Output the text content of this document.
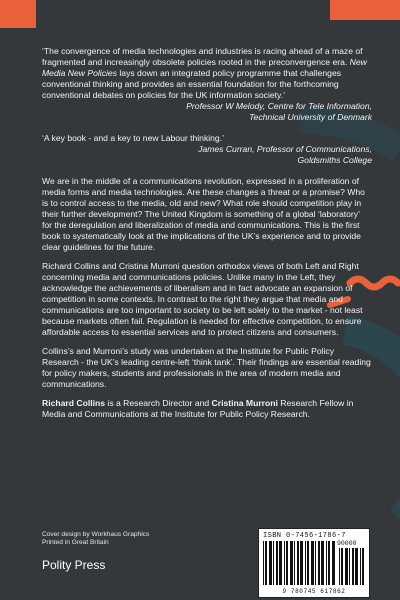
‘The convergence of media technologies and industries is racing ahead of a maze of fragmented and increasingly obsolete policies rooted in the preconvergence era. New Media New Policies lays down an integrated policy programme that challenges conventional thinking and provides an essential foundation for the forthcoming conventional debates on policies for the UK information society.’

Professor W Melody, Centre for Tele Information,

Technical University of Denmark

‘A key book - and a key to new Labour thinking.’

James Curran, Professor of Communications,

Goldsmiths College

We are in the middle of a communications revolution, expressed in a proliferation of media forms and media technologies. Are these changes a threat or a promise? Who is to control access to the media, old and new? What role should competition play in their further development? The United Kingdom is something of a global ‘laboratory’ for the deregulation and liberalization of media and communications. This is the first book to systematically look at the implications of the UK’s experience and to provide clear guidelines for the future.

Richard Collins and Cristina Murroni question orthodox views of both Left and Right concerning media and communications policies. Unlike many in the Left, they acknowledge the achievements of liberalism and in fact advocate an expansion of competition in some contexts. In contrast to the right they argue that media and communications are too important to society to be left solely to the market - not least because markets often fail. Regulation is needed for effective competition, to ensure affordable access to essential services and to protect citizens and consumers.

Collins’s and Murroni’s study was undertaken at the Institute for Public Policy Research - the UK’s leading centre-left ‘think tank’. Their findings are essential reading for policy makers, students and professionals in the area of modern media and communications.

Richard Collins is a Research Director and Cristina Murroni Research Fellow in Media and Communications at the Institute for Public Policy Research.

Cover design by Workhaus Graphics
Printed in Great Britain
Polity Press
ISBN 0-7456-1786-7
90000
9 780745 617862
